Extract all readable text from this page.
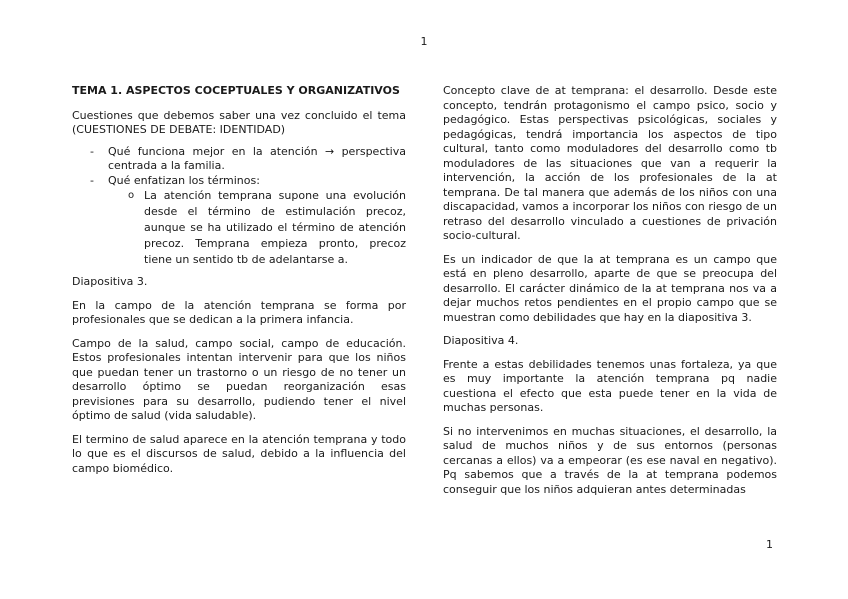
1

TEMA 1. ASPECTOS COCEPTUALES Y ORGANIZATIVOS

Cuestiones que debemos saber una vez concluido el tema (CUESTIONES DE DEBATE: IDENTIDAD)

- Qué funciona mejor en la atención → perspectiva centrada a la familia.
- Qué enfatizan los términos:
o La atención temprana supone una evolución desde el término de estimulación precoz, aunque se ha utilizado el término de atención precoz. Temprana empieza pronto, precoz tiene un sentido tb de adelantarse a.

Diapositiva 3.

En la campo de la atención temprana se forma por profesionales que se dedican a la primera infancia.

Campo de la salud, campo social, campo de educación. Estos profesionales intentan intervenir para que los niños que puedan tener un trastorno o un riesgo de no tener un desarrollo óptimo se puedan reorganización esas previsiones para su desarrollo, pudiendo tener el nivel óptimo de salud (vida saludable).

El termino de salud aparece en la atención temprana y todo lo que es el discursos de salud, debido a la influencia del campo biomédico.

Concepto clave de at temprana: el desarrollo. Desde este concepto, tendrán protagonismo el campo psico, socio y pedagógico. Estas perspectivas psicológicas, sociales y pedagógicas, tendrá importancia los aspectos de tipo cultural, tanto como moduladores del desarrollo como tb moduladores de las situaciones que van a requerir la intervención, la acción de los profesionales de la at temprana. De tal manera que además de los niños con una discapacidad, vamos a incorporar los niños con riesgo de un retraso del desarrollo vinculado a cuestiones de privación socio-cultural.

Es un indicador de que la at temprana es un campo que está en pleno desarrollo, aparte de que se preocupa del desarrollo. El carácter dinámico de la at temprana nos va a dejar muchos retos pendientes en el propio campo que se muestran como debilidades que hay en la diapositiva 3.

Diapositiva 4.

Frente a estas debilidades tenemos unas fortaleza, ya que es muy importante la atención temprana pq nadie cuestiona el efecto que esta puede tener en la vida de muchas personas.

Si no intervenimos en muchas situaciones, el desarrollo, la salud de muchos niños y de sus entornos (personas cercanas a ellos) va a empeorar (es ese naval en negativo). Pq sabemos que a través de la at temprana podemos conseguir que los niños adquieran antes determinadas

1
